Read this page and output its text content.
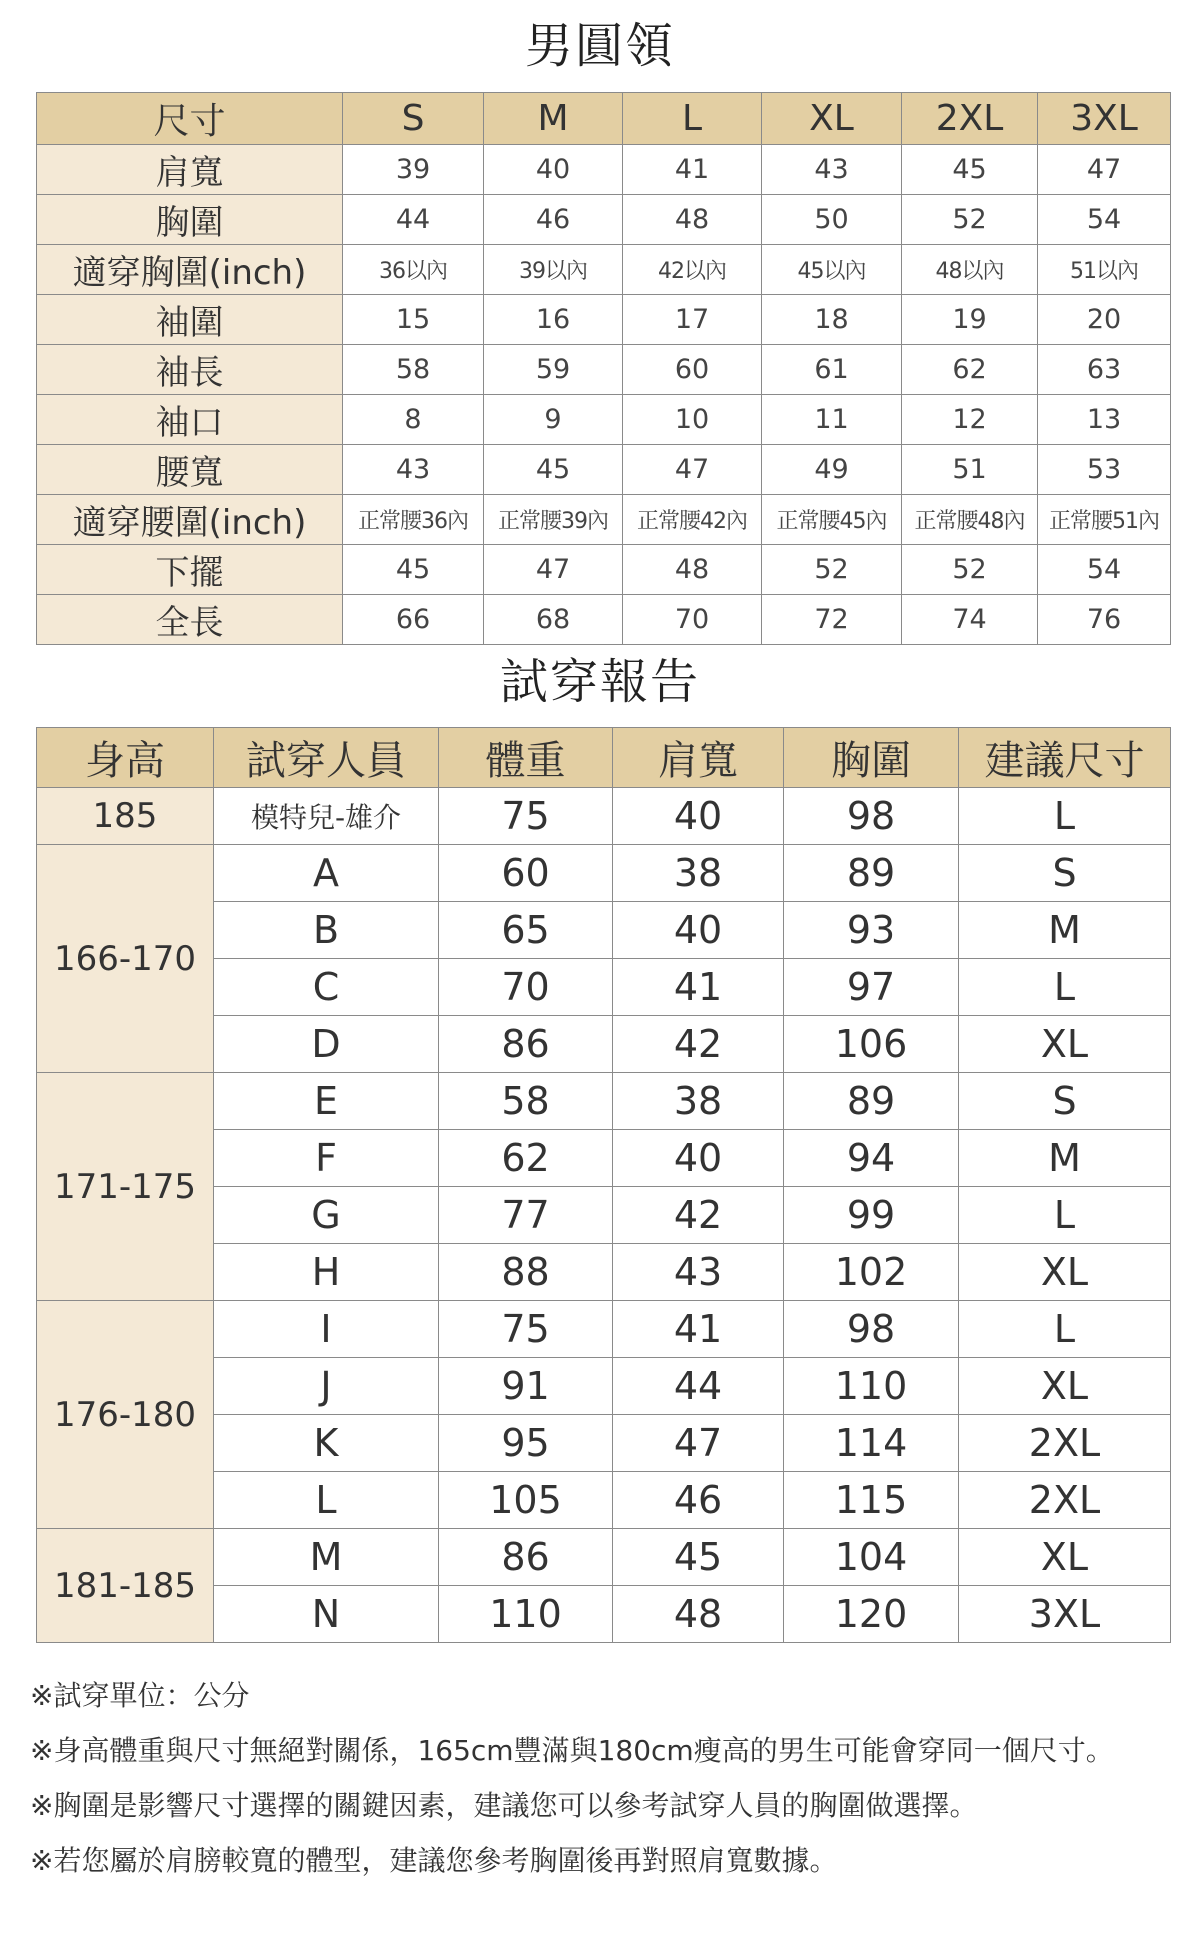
男圓領
尺寸	S	M	L	XL	2XL	3XL
肩寬	39	40	41	43	45	47
胸圍	44	46	48	50	52	54
適穿胸圍(inch)	36以內	39以內	42以內	45以內	48以內	51以內
袖圍	15	16	17	18	19	20
袖長	58	59	60	61	62	63
袖口	8	9	10	11	12	13
腰寬	43	45	47	49	51	53
適穿腰圍(inch)	正常腰36內	正常腰39內	正常腰42內	正常腰45內	正常腰48內	正常腰51內
下擺	45	47	48	52	52	54
全長	66	68	70	72	74	76
試穿報告
身高	試穿人員	體重	肩寬	胸圍	建議尺寸
185	模特兒-雄介	75	40	98	L
166-170	A	60	38	89	S
	B	65	40	93	M
	C	70	41	97	L
	D	86	42	106	XL
171-175	E	58	38	89	S
	F	62	40	94	M
	G	77	42	99	L
	H	88	43	102	XL
176-180	I	75	41	98	L
	J	91	44	110	XL
	K	95	47	114	2XL
	L	105	46	115	2XL
181-185	M	86	45	104	XL
	N	110	48	120	3XL
※試穿單位：公分
※身高體重與尺寸無絕對關係，165cm豐滿與180cm瘦高的男生可能會穿同一個尺寸。
※胸圍是影響尺寸選擇的關鍵因素，建議您可以參考試穿人員的胸圍做選擇。
※若您屬於肩膀較寬的體型，建議您參考胸圍後再對照肩寬數據。
